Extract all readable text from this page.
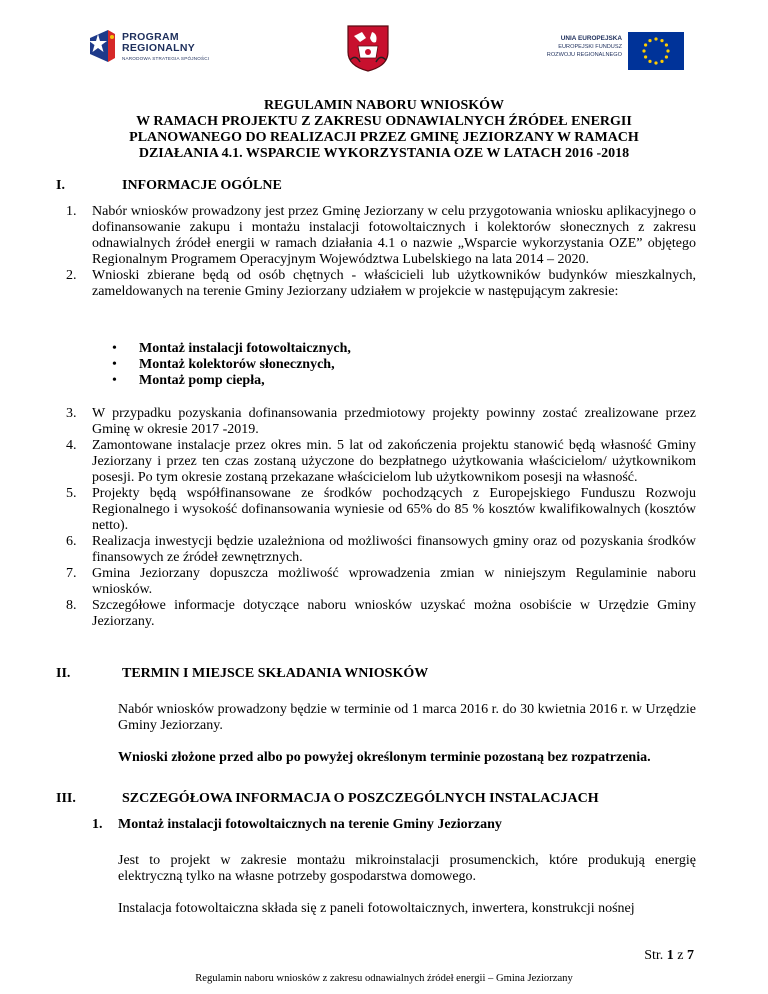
PROGRAM
REGIONALNY
NARODOWA STRATEGIA SPÓJNOŚCI
UNIA EUROPEJSKA
EUROPEJSKI FUNDUSZ
ROZWOJU REGIONALNEGO
REGULAMIN NABORU WNIOSKÓW
W RAMACH PROJEKTU Z ZAKRESU ODNAWIALNYCH ŹRÓDEŁ ENERGII
PLANOWANEGO DO REALIZACJI PRZEZ GMINĘ JEZIORZANY W RAMACH
DZIAŁANIA 4.1. WSPARCIE WYKORZYSTANIA OZE W LATACH 2016 -2018
I.	INFORMACJE OGÓLNE
1. Nabór wniosków prowadzony jest przez Gminę Jeziorzany w celu przygotowania wniosku aplikacyjnego o dofinansowanie zakupu i montażu instalacji fotowoltaicznych i kolektorów słonecznych z zakresu odnawialnych źródeł energii w ramach działania 4.1 o nazwie „Wsparcie wykorzystania OZE” objętego Regionalnym Programem Operacyjnym Województwa Lubelskiego na lata 2014 – 2020.
2. Wnioski zbierane będą od osób chętnych - właścicieli lub użytkowników budynków mieszkalnych, zameldowanych na terenie Gminy Jeziorzany udziałem w projekcie w następującym zakresie:
• Montaż instalacji fotowoltaicznych,
• Montaż kolektorów słonecznych,
• Montaż pomp ciepła,
3. W przypadku pozyskania dofinansowania przedmiotowy projekty powinny zostać zrealizowane przez Gminę w okresie 2017 -2019.
4. Zamontowane instalacje przez okres min. 5 lat od zakończenia projektu stanowić będą własność Gminy Jeziorzany i przez ten czas zostaną użyczone do bezpłatnego użytkowania właścicielom/ użytkownikom posesji. Po tym okresie zostaną przekazane właścicielom lub użytkownikom posesji na własność.
5. Projekty będą współfinansowane ze środków pochodzących z Europejskiego Funduszu Rozwoju Regionalnego i wysokość dofinansowania wyniesie od 65% do 85 % kosztów kwalifikowalnych (kosztów netto).
6. Realizacja inwestycji będzie uzależniona od możliwości finansowych gminy oraz od pozyskania środków finansowych ze źródeł zewnętrznych.
7. Gmina Jeziorzany dopuszcza możliwość wprowadzenia zmian w niniejszym Regulaminie naboru wniosków.
8. Szczegółowe informacje dotyczące naboru wniosków uzyskać można osobiście w Urzędzie Gminy Jeziorzany.
II.	TERMIN I MIEJSCE SKŁADANIA WNIOSKÓW
Nabór wniosków prowadzony będzie w terminie od 1 marca 2016 r. do 30 kwietnia 2016 r. w Urzędzie Gminy Jeziorzany.
Wnioski złożone przed albo po powyżej określonym terminie pozostaną bez rozpatrzenia.
III.	SZCZEGÓŁOWA INFORMACJA O POSZCZEGÓLNYCH INSTALACJACH
1. Montaż instalacji fotowoltaicznych na terenie Gminy Jeziorzany
Jest to projekt w zakresie montażu mikroinstalacji prosumenckich, które produkują energię elektryczną tylko na własne potrzeby gospodarstwa domowego.
Instalacja fotowoltaiczna składa się z paneli fotowoltaicznych, inwertera, konstrukcji nośnej
Str. 1 z 7
Regulamin naboru wniosków z zakresu odnawialnych źródeł energii – Gmina Jeziorzany
